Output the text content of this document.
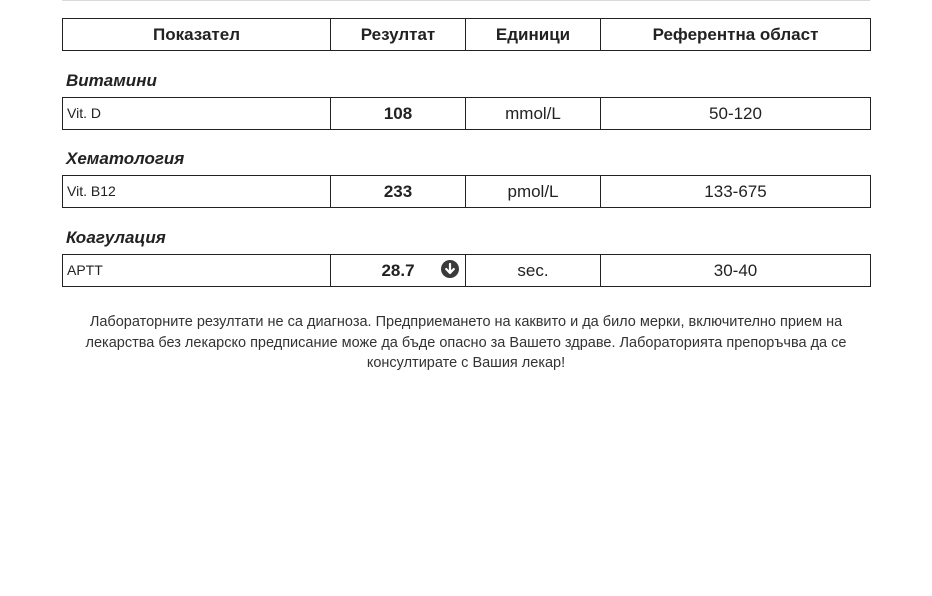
Показател	Резултат	Единици	Референтна област
Витамини
Vit. D	108	mmol/L	50-120
Хематология
Vit. B12	233	pmol/L	133-675
Коагулация
APTT	28.7	sec.	30-40
Лабораторните резултати не са диагноза. Предприемането на каквито и да било мерки, включително прием на лекарства без лекарско предписание може да бъде опасно за Вашето здраве. Лабораторията препоръчва да се консултирате с Вашия лекар!
